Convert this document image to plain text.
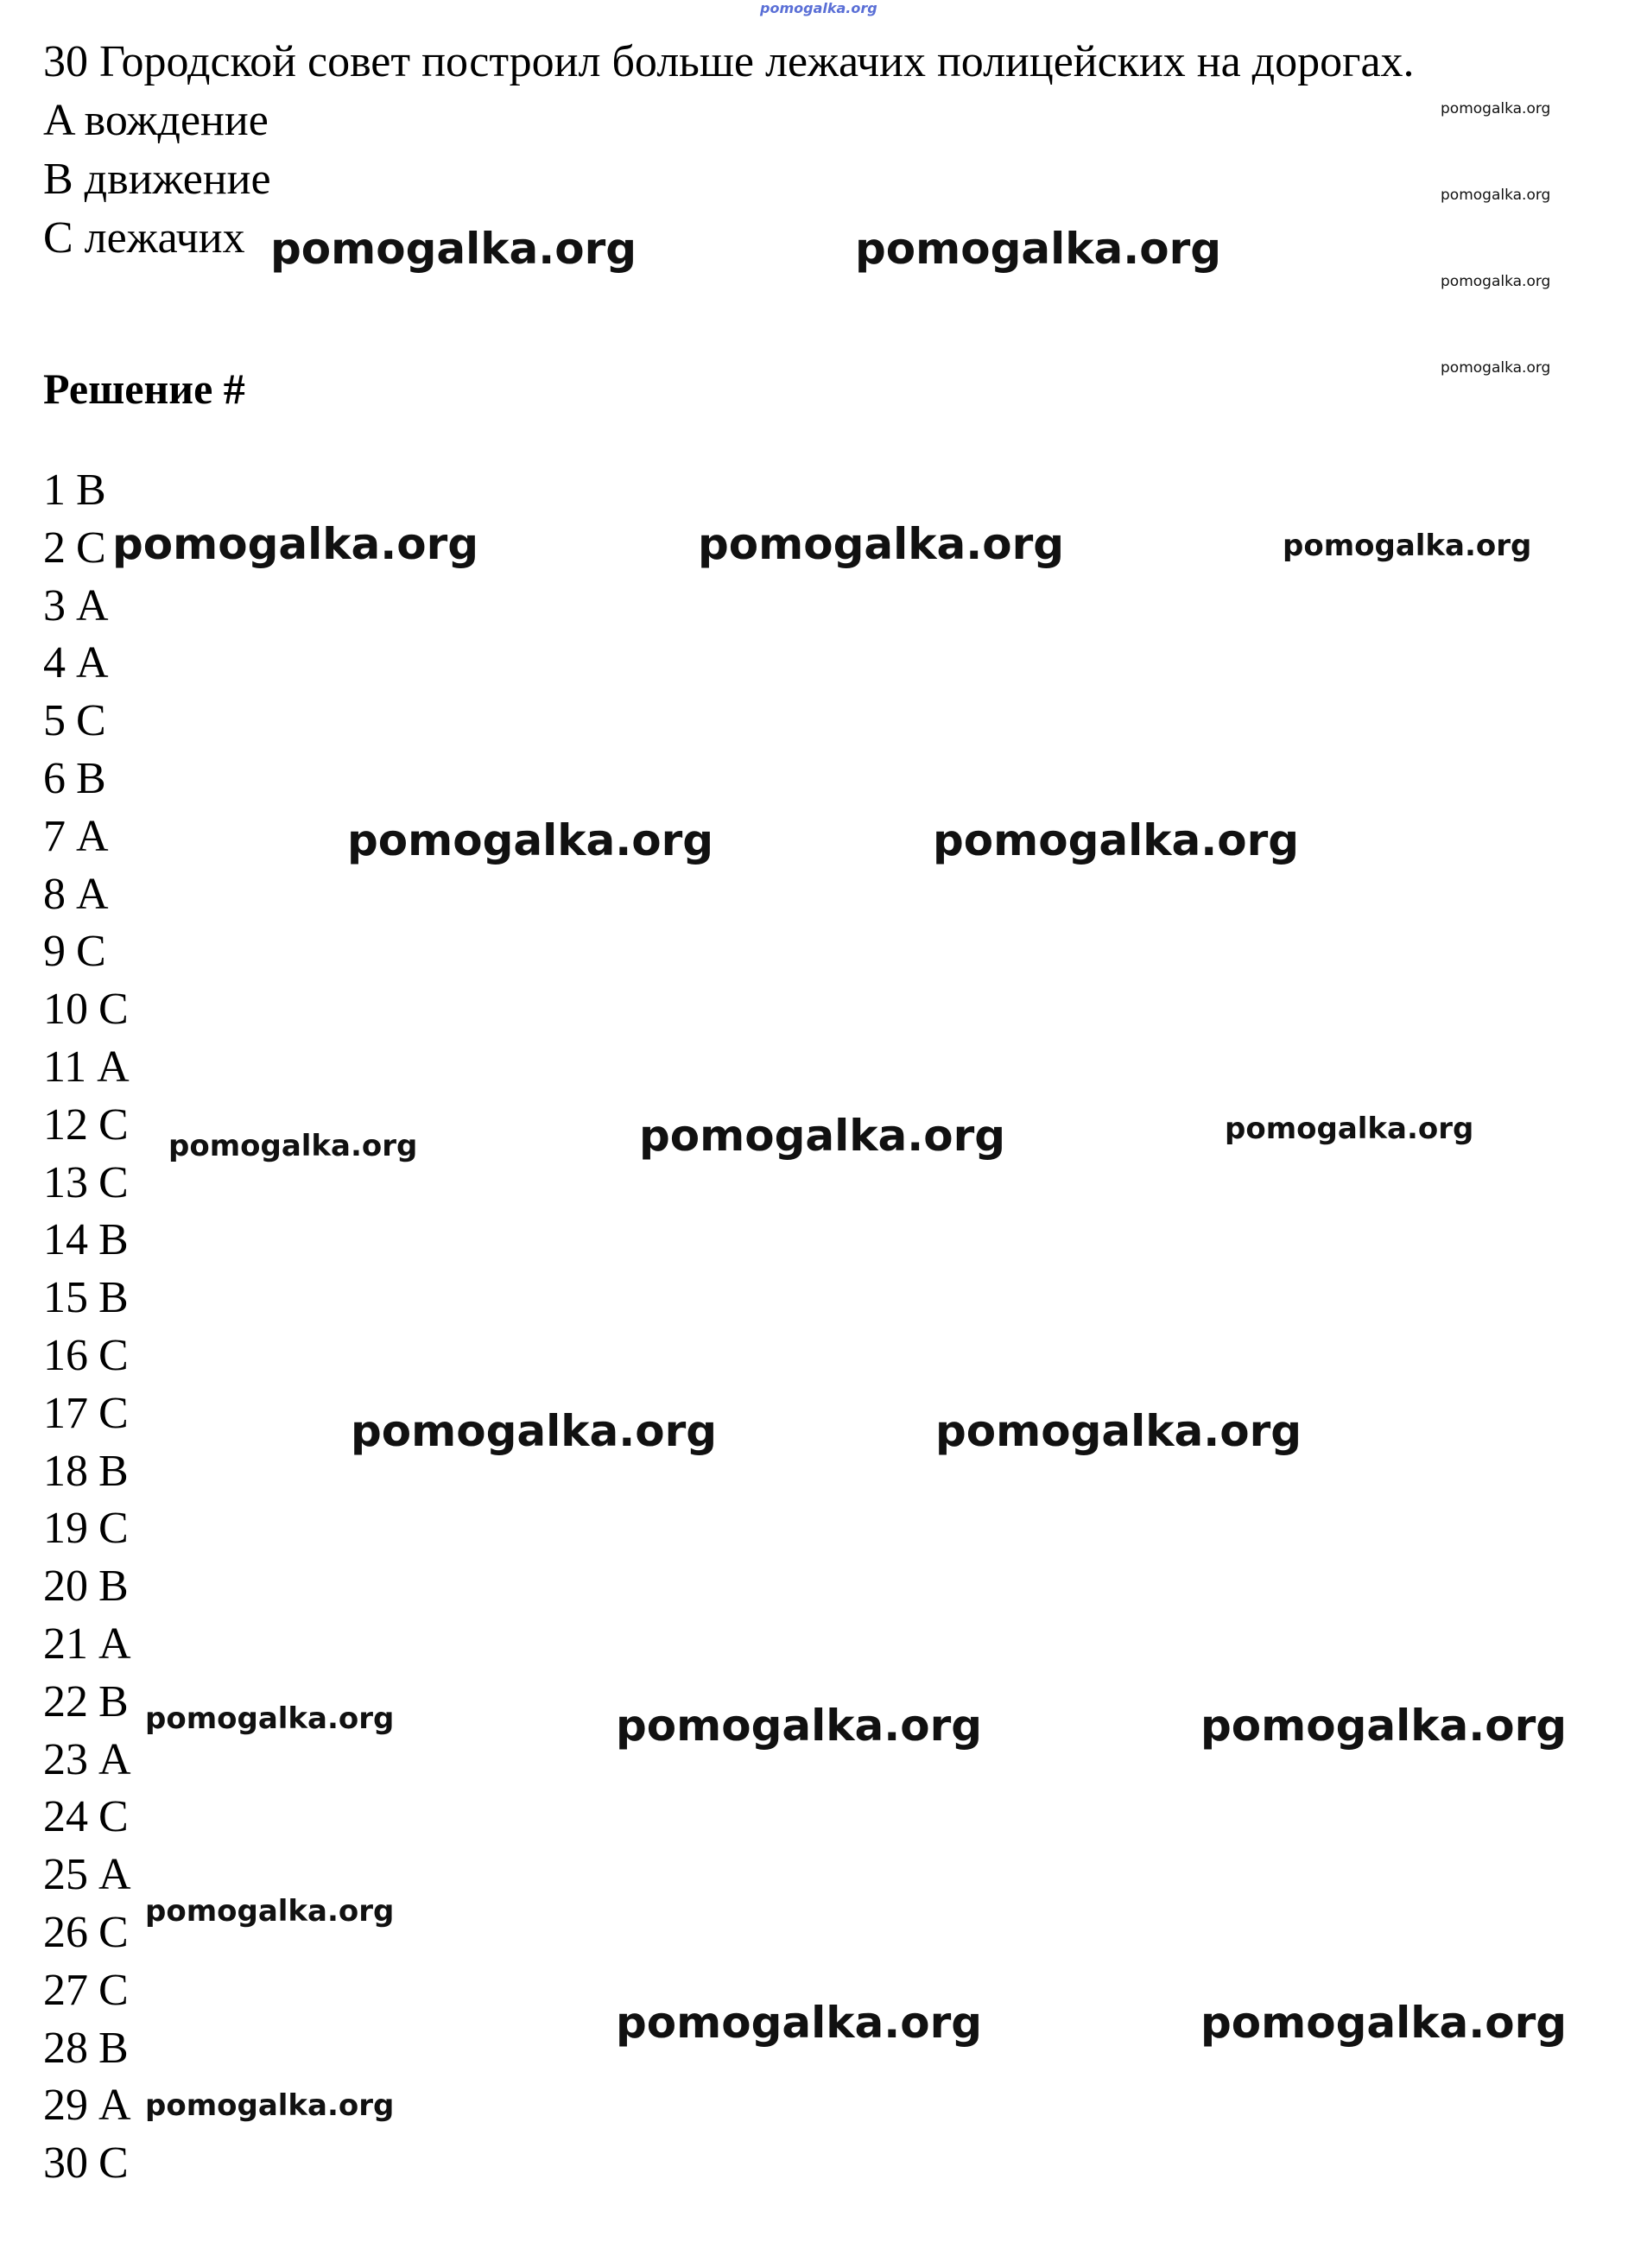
pomogalka.org
30 Городской совет построил больше лежачих полицейских на дорогах.
A вождение
B движение
C лежачих
Решение #
1 B
2 C
3 A
4 A
5 C
6 B
7 A
8 A
9 C
10 C
11 A
12 C
13 C
14 B
15 B
16 C
17 C
18 B
19 C
20 B
21 A
22 B
23 A
24 C
25 A
26 C
27 C
28 B
29 A
30 C
pomogalka.org	pomogalka.org
pomogalka.org
pomogalka.org
pomogalka.org
pomogalka.org
pomogalka.org	pomogalka.org	pomogalka.org
pomogalka.org	pomogalka.org
pomogalka.org	pomogalka.org	pomogalka.org
pomogalka.org	pomogalka.org
pomogalka.org	pomogalka.org	pomogalka.org
pomogalka.org
pomogalka.org	pomogalka.org
pomogalka.org
